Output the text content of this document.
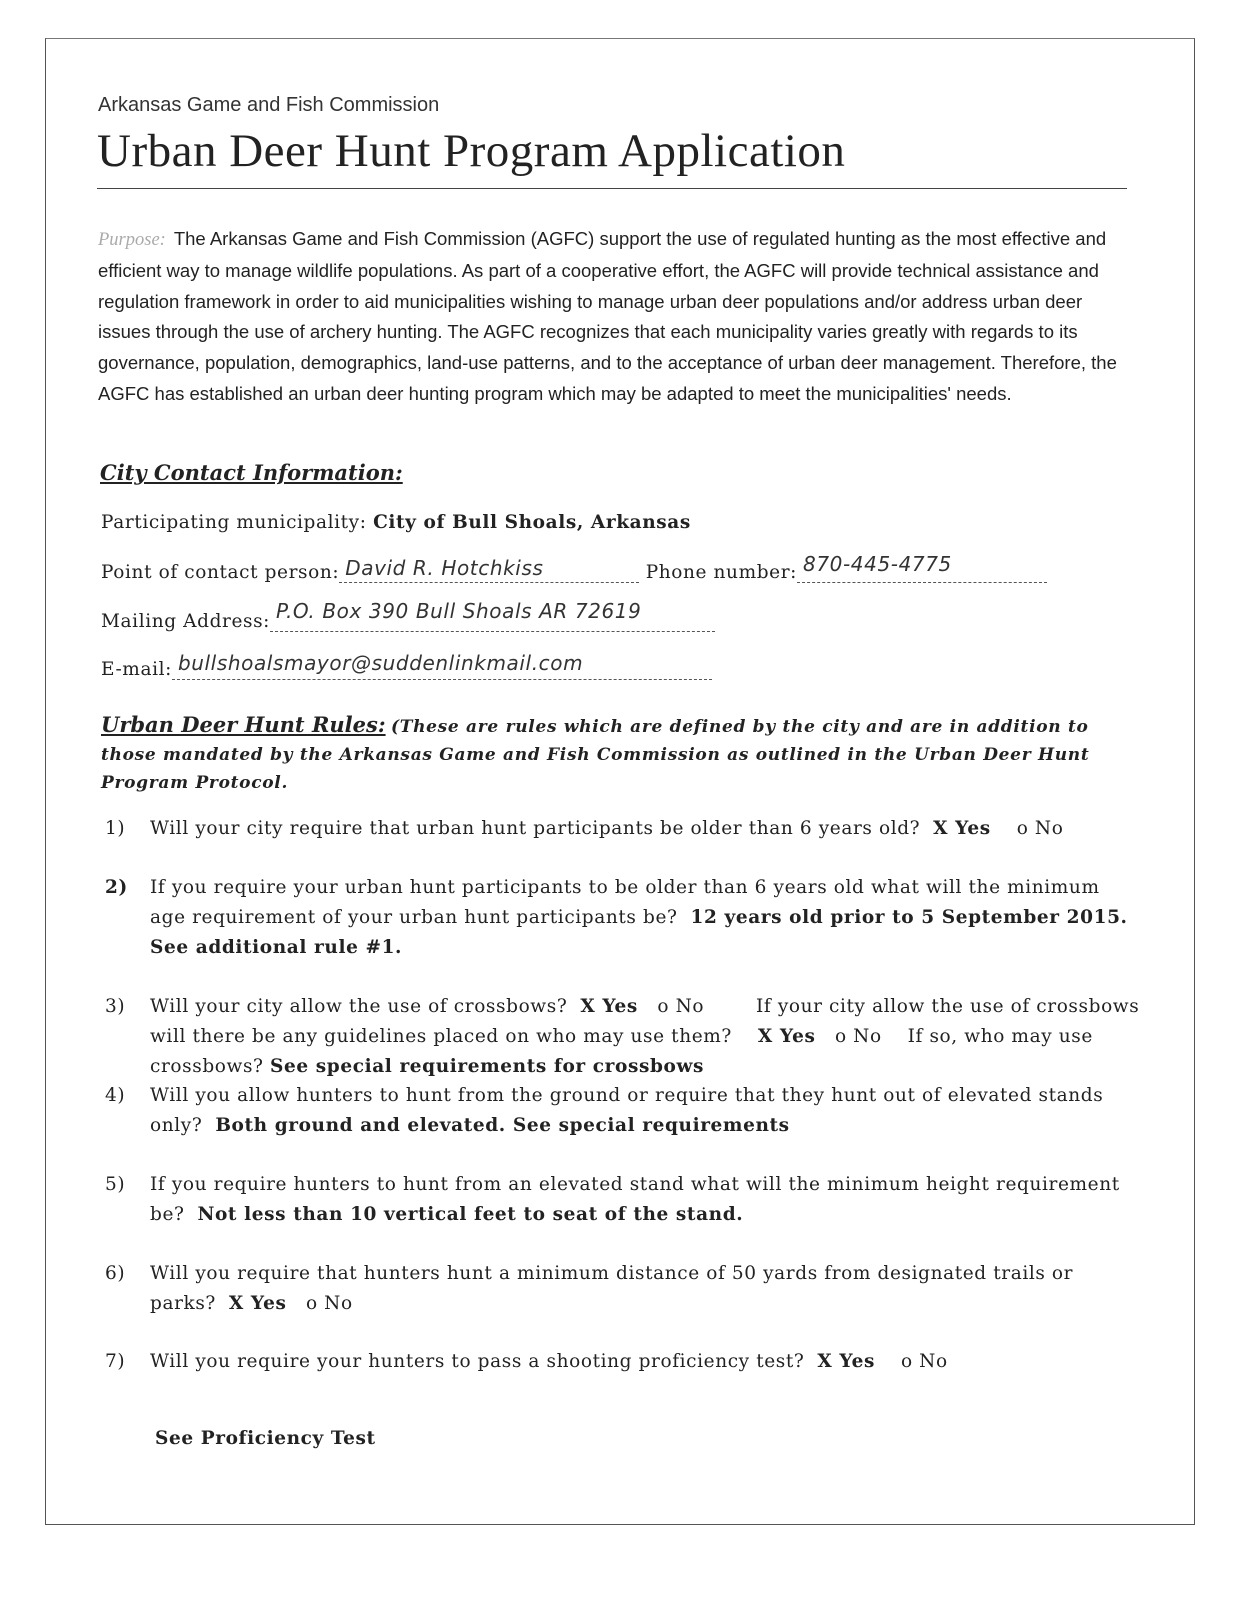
Arkansas Game and Fish Commission
Urban Deer Hunt Program Application
Purpose: The Arkansas Game and Fish Commission (AGFC) support the use of regulated hunting as the most effective and efficient way to manage wildlife populations. As part of a cooperative effort, the AGFC will provide technical assistance and regulation framework in order to aid municipalities wishing to manage urban deer populations and/or address urban deer issues through the use of archery hunting. The AGFC recognizes that each municipality varies greatly with regards to its governance, population, demographics, land-use patterns, and to the acceptance of urban deer management. Therefore, the AGFC has established an urban deer hunting program which may be adapted to meet the municipalities' needs.
City Contact Information:
Participating municipality: City of Bull Shoals, Arkansas
Point of contact person: David R. Hotchkiss	Phone number: 870-445-4775
Mailing Address: P.O. Box 390 Bull Shoals AR 72619
E-mail: bullshoalsmayor@suddenlinkmail.com
Urban Deer Hunt Rules: (These are rules which are defined by the city and are in addition to those mandated by the Arkansas Game and Fish Commission as outlined in the Urban Deer Hunt Program Protocol.
1) Will your city require that urban hunt participants be older than 6 years old? X Yes o No
2) If you require your urban hunt participants to be older than 6 years old what will the minimum age requirement of your urban hunt participants be? 12 years old prior to 5 September 2015. See additional rule #1.
3) Will your city allow the use of crossbows? X Yes o No	If your city allow the use of crossbows will there be any guidelines placed on who may use them? X Yes o No If so, who may use crossbows? See special requirements for crossbows
4) Will you allow hunters to hunt from the ground or require that they hunt out of elevated stands only? Both ground and elevated. See special requirements
5) If you require hunters to hunt from an elevated stand what will the minimum height requirement be? Not less than 10 vertical feet to seat of the stand.
6) Will you require that hunters hunt a minimum distance of 50 yards from designated trails or parks? X Yes o No
7) Will you require your hunters to pass a shooting proficiency test? X Yes o No
See Proficiency Test
